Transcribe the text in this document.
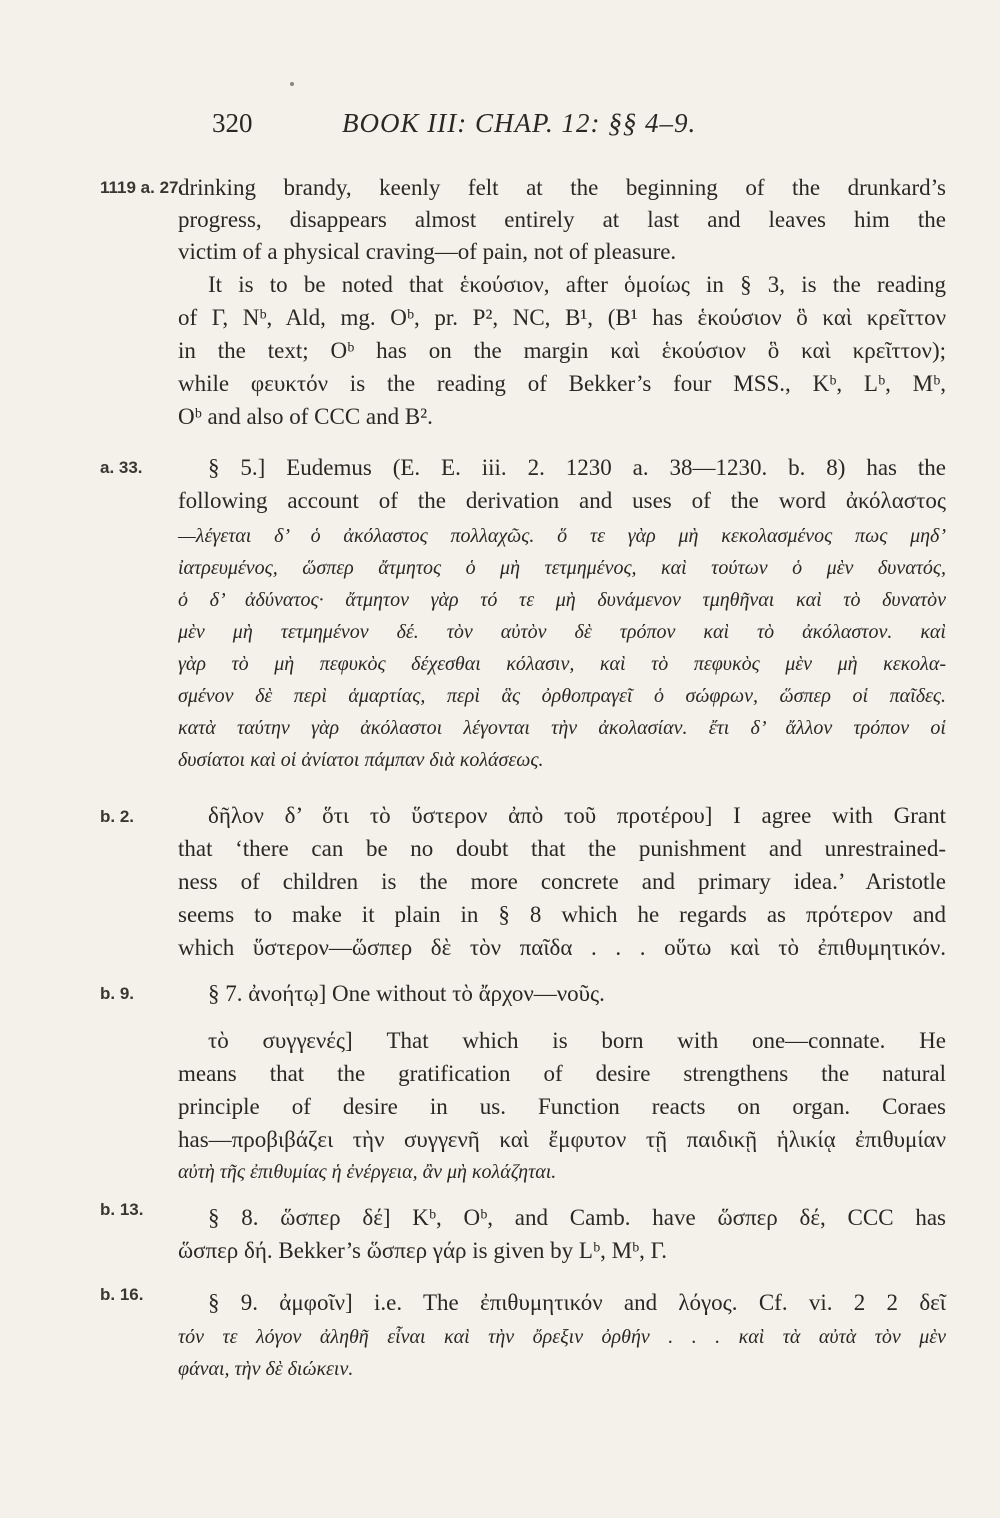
320	BOOK III: CHAP. 12: §§ 4–9.
1119 a. 27.
a. 33.
b. 2.
b. 9.
b. 13.
b. 16.
drinking brandy, keenly felt at the beginning of the drunkard’s
progress, disappears almost entirely at last and leaves him the
victim of a physical craving—of pain, not of pleasure.
It is to be noted that ἑκούσιον, after ὁμοίως in § 3, is the reading
of Γ, Nᵇ, Ald, mg. Oᵇ, pr. P², NC, B¹, (B¹ has ἑκούσιον ὃ καὶ κρεῖττον
in the text; Oᵇ has on the margin καὶ ἑκούσιον ὃ καὶ κρεῖττον);
while φευκτόν is the reading of Bekker’s four MSS., Kᵇ, Lᵇ, Mᵇ,
Oᵇ and also of CCC and B².
§ 5.] Eudemus (E. E. iii. 2. 1230 a. 38—1230. b. 8) has the
following account of the derivation and uses of the word ἀκόλαστος
—λέγεται δ’ ὁ ἀκόλαστος πολλαχῶς. ὅ τε γὰρ μὴ κεκολασμένος πως μηδ’
ἰατρευμένος, ὥσπερ ἄτμητος ὁ μὴ τετμημένος, καὶ τούτων ὁ μὲν δυνατός,
ὁ δ’ ἀδύνατος· ἄτμητον γὰρ τό τε μὴ δυνάμενον τμηθῆναι καὶ τὸ δυνατὸν
μὲν μὴ τετμημένον δέ. τὸν αὐτὸν δὲ τρόπον καὶ τὸ ἀκόλαστον. καὶ
γὰρ τὸ μὴ πεφυκὸς δέχεσθαι κόλασιν, καὶ τὸ πεφυκὸς μὲν μὴ κεκολα-
σμένον δὲ περὶ ἁμαρτίας, περὶ ἃς ὀρθοπραγεῖ ὁ σώφρων, ὥσπερ οἱ παῖδες.
κατὰ ταύτην γὰρ ἀκόλαστοι λέγονται τὴν ἀκολασίαν. ἔτι δ’ ἄλλον τρόπον οἱ
δυσίατοι καὶ οἱ ἀνίατοι πάμπαν διὰ κολάσεως.
δῆλον δ’ ὅτι τὸ ὕστερον ἀπὸ τοῦ προτέρου] I agree with Grant
that ‘there can be no doubt that the punishment and unrestrained-
ness of children is the more concrete and primary idea.’ Aristotle
seems to make it plain in § 8 which he regards as πρότερον and
which ὕστερον—ὥσπερ δὲ τὸν παῖδα . . . οὕτω καὶ τὸ ἐπιθυμητικόν.
§ 7. ἀνοήτῳ] One without τὸ ἄρχον—νοῦς.
τὸ συγγενές] That which is born with one—connate. He
means that the gratification of desire strengthens the natural
principle of desire in us. Function reacts on organ. Coraes
has—προβιβάζει τὴν συγγενῆ καὶ ἔμφυτον τῇ παιδικῇ ἡλικίᾳ ἐπιθυμίαν
αὐτὴ τῆς ἐπιθυμίας ἡ ἐνέργεια, ἂν μὴ κολάζηται.
§ 8. ὥσπερ δέ] Kᵇ, Oᵇ, and Camb. have ὥσπερ δέ, CCC has
ὥσπερ δή. Bekker’s ὥσπερ γάρ is given by Lᵇ, Mᵇ, Γ.
§ 9. ἀμφοῖν] i.e. The ἐπιθυμητικόν and λόγος. Cf. vi. 2 2 δεῖ
τόν τε λόγον ἀληθῆ εἶναι καὶ τὴν ὄρεξιν ὀρθήν . . . καὶ τὰ αὐτὰ τὸν μὲν
φάναι, τὴν δὲ διώκειν.
